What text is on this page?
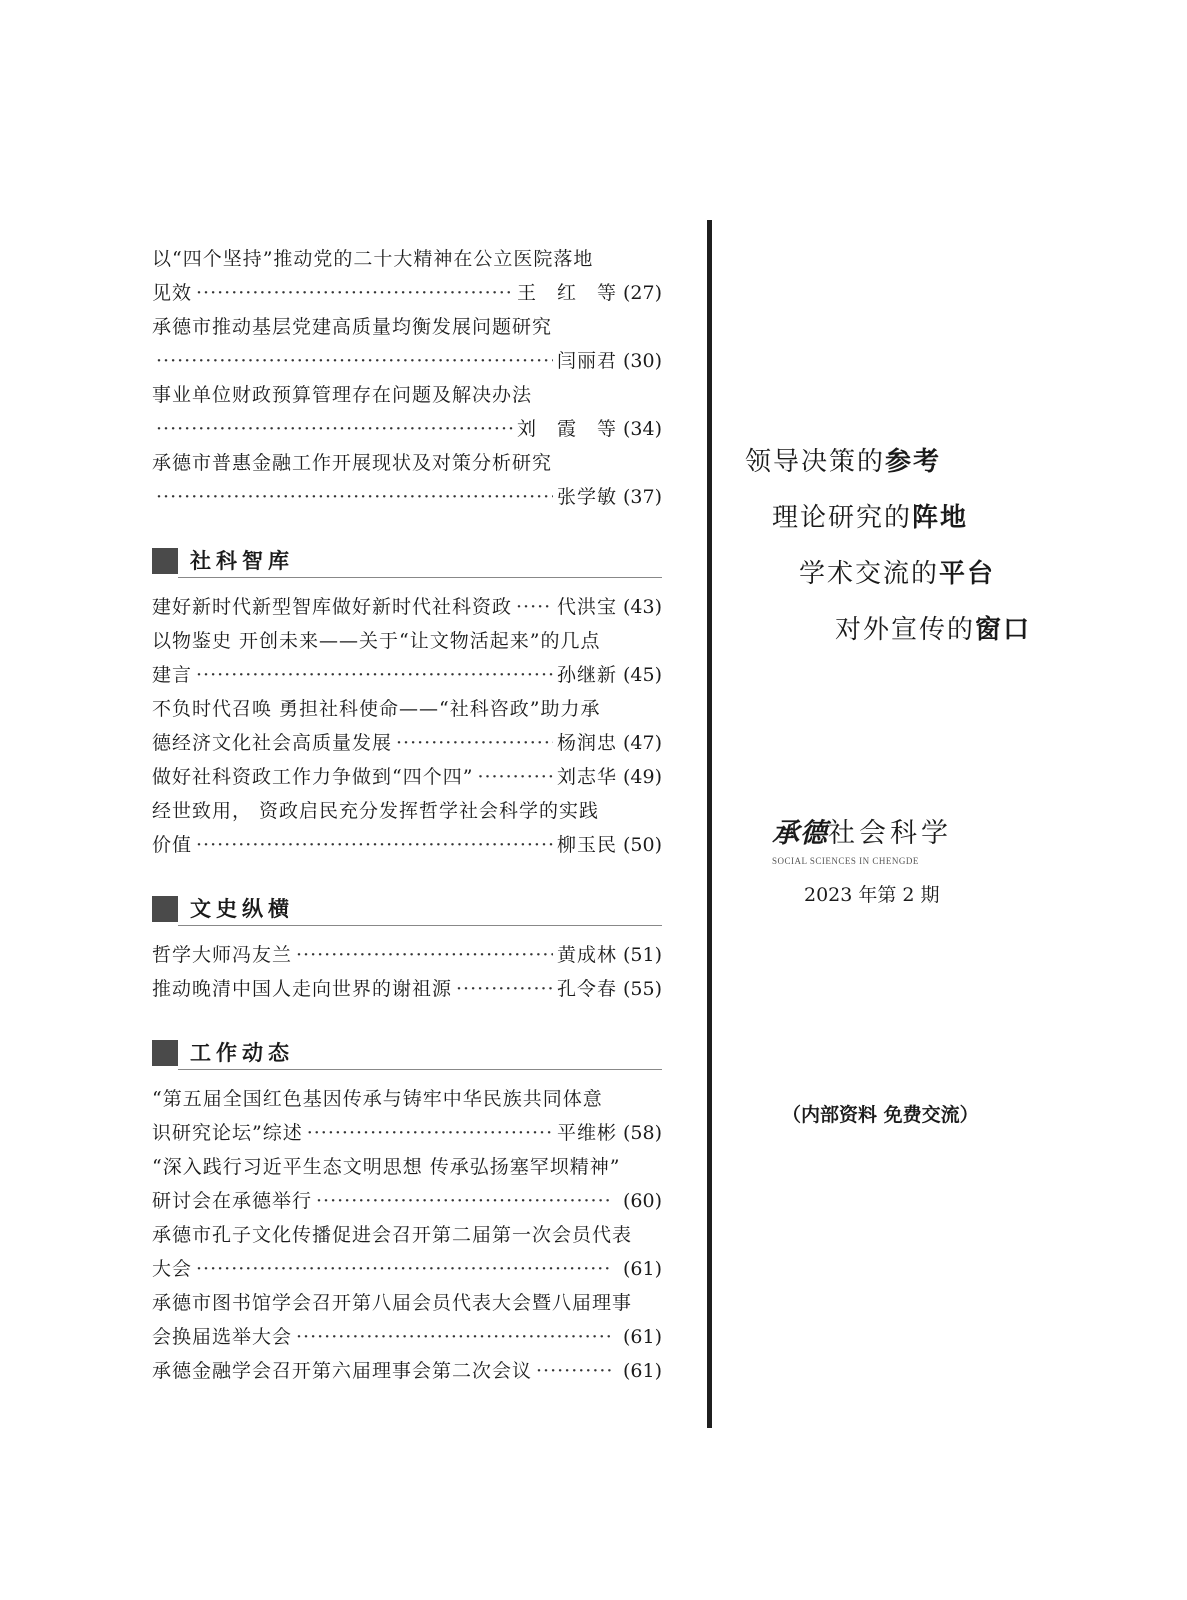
以“四个坚持”推动党的二十大精神在公立医院落地
见效 ·····	王　红　等 (27)
承德市推动基层党建高质量均衡发展问题研究
·····
闫丽君 (30)
事业单位财政预算管理存在问题及解决办法
·····
刘　霞　等 (34)
承德市普惠金融工作开展现状及对策分析研究
·····
张学敏 (37)
社科智库
建好新时代新型智库做好新时代社科资政 ····· 代洪宝 (43)
以物鉴史 开创未来——关于“让文物活起来”的几点
建言 ·····	孙继新 (45)
不负时代召唤 勇担社科使命——“社科咨政”助力承
德经济文化社会高质量发展 ·····	杨润忠 (47)
做好社科资政工作力争做到“四个四” ·····	刘志华 (49)
经世致用， 资政启民充分发挥哲学社会科学的实践
价值 ·····	柳玉民 (50)
文史纵横
哲学大师冯友兰 ·····	黄成林 (51)
推动晚清中国人走向世界的谢祖源 ·····	孔令春 (55)
工作动态
“第五届全国红色基因传承与铸牢中华民族共同体意
识研究论坛”综述 ·····	平维彬 (58)
“深入践行习近平生态文明思想 传承弘扬塞罕坝精神”
研讨会在承德举行 ·····	(60)
承德市孔子文化传播促进会召开第二届第一次会员代表
大会 ·····	(61)
承德市图书馆学会召开第八届会员代表大会暨八届理事
会换届选举大会 ·····	(61)
承德金融学会召开第六届理事会第二次会议 ·····	(61)
领导决策的参考
理论研究的阵地
学术交流的平台
对外宣传的窗口
承德社会科学
SOCIAL SCIENCES IN CHENGDE
2023 年第 2 期
（内部资料 免费交流）
